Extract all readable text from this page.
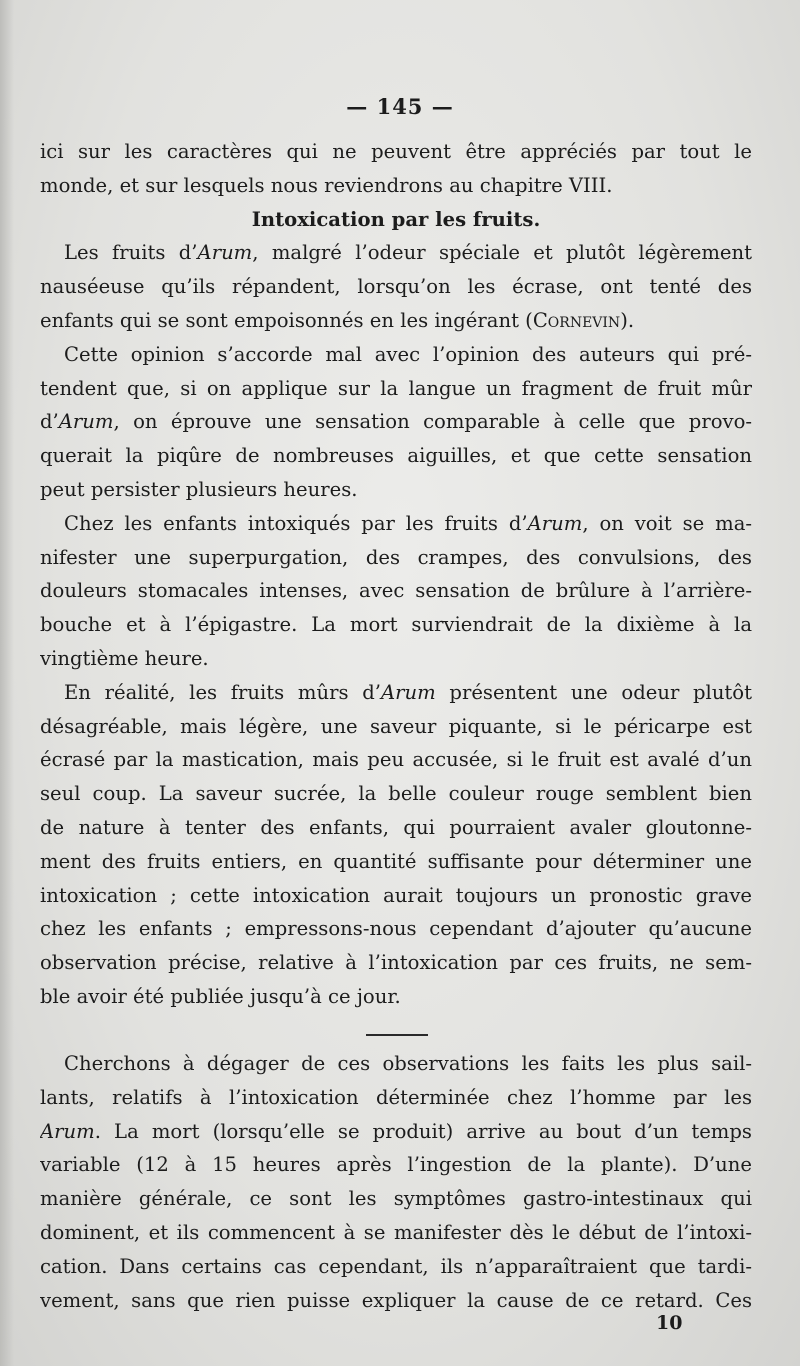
— 145 —
ici sur les caractères qui ne peuvent être appréciés par tout le
monde, et sur lesquels nous reviendrons au chapitre VIII.
Intoxication par les fruits.
Les fruits d’Arum, malgré l’odeur spéciale et plutôt légèrement
nauséeuse qu’ils répandent, lorsqu’on les écrase, ont tenté des
enfants qui se sont empoisonnés en les ingérant (Cornevin).
Cette opinion s’accorde mal avec l’opinion des auteurs qui pré-
tendent que, si on applique sur la langue un fragment de fruit mûr
d’Arum, on éprouve une sensation comparable à celle que provo-
querait la piqûre de nombreuses aiguilles, et que cette sensation
peut persister plusieurs heures.
Chez les enfants intoxiqués par les fruits d’Arum, on voit se ma-
nifester une superpurgation, des crampes, des convulsions, des
douleurs stomacales intenses, avec sensation de brûlure à l’arrière-
bouche et à l’épigastre. La mort surviendrait de la dixième à la
vingtième heure.
En réalité, les fruits mûrs d’Arum présentent une odeur plutôt
désagréable, mais légère, une saveur piquante, si le péricarpe est
écrasé par la mastication, mais peu accusée, si le fruit est avalé d’un
seul coup. La saveur sucrée, la belle couleur rouge semblent bien
de nature à tenter des enfants, qui pourraient avaler gloutonne-
ment des fruits entiers, en quantité suffisante pour déterminer une
intoxication ; cette intoxication aurait toujours un pronostic grave
chez les enfants ; empressons-nous cependant d’ajouter qu’aucune
observation précise, relative à l’intoxication par ces fruits, ne sem-
ble avoir été publiée jusqu’à ce jour.
Cherchons à dégager de ces observations les faits les plus sail-
lants, relatifs à l’intoxication déterminée chez l’homme par les
Arum. La mort (lorsqu’elle se produit) arrive au bout d’un temps
variable (12 à 15 heures après l’ingestion de la plante). D’une
manière générale, ce sont les symptômes gastro-intestinaux qui
dominent, et ils commencent à se manifester dès le début de l’intoxi-
cation. Dans certains cas cependant, ils n’apparaîtraient que tardi-
vement, sans que rien puisse expliquer la cause de ce retard. Ces
10
